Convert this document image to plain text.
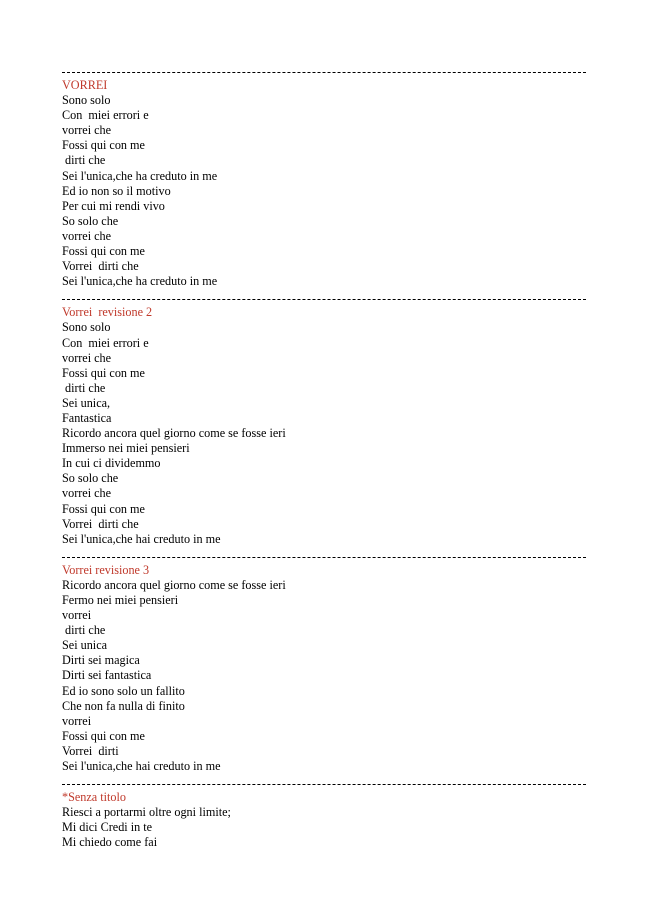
VORREI
Sono solo
Con  miei errori e
vorrei che
Fossi qui con me
dirti che
Sei l'unica,che ha creduto in me
Ed io non so il motivo
Per cui mi rendi vivo
So solo che
vorrei che
Fossi qui con me
Vorrei  dirti che
Sei l'unica,che ha creduto in me
Vorrei  revisione 2
Sono solo
Con  miei errori e
vorrei che
Fossi qui con me
dirti che
Sei unica,
Fantastica
Ricordo ancora quel giorno come se fosse ieri
Immerso nei miei pensieri
In cui ci dividemmo
So solo che
vorrei che
Fossi qui con me
Vorrei  dirti che
Sei l'unica,che hai creduto in me
Vorrei revisione 3
Ricordo ancora quel giorno come se fosse ieri
Fermo nei miei pensieri
vorrei
dirti che
Sei unica
Dirti sei magica
Dirti sei fantastica
Ed io sono solo un fallito
Che non fa nulla di finito
vorrei
Fossi qui con me
Vorrei  dirti
Sei l'unica,che hai creduto in me
*Senza titolo
Riesci a portarmi oltre ogni limite;
Mi dici Credi in te
Mi chiedo come fai
